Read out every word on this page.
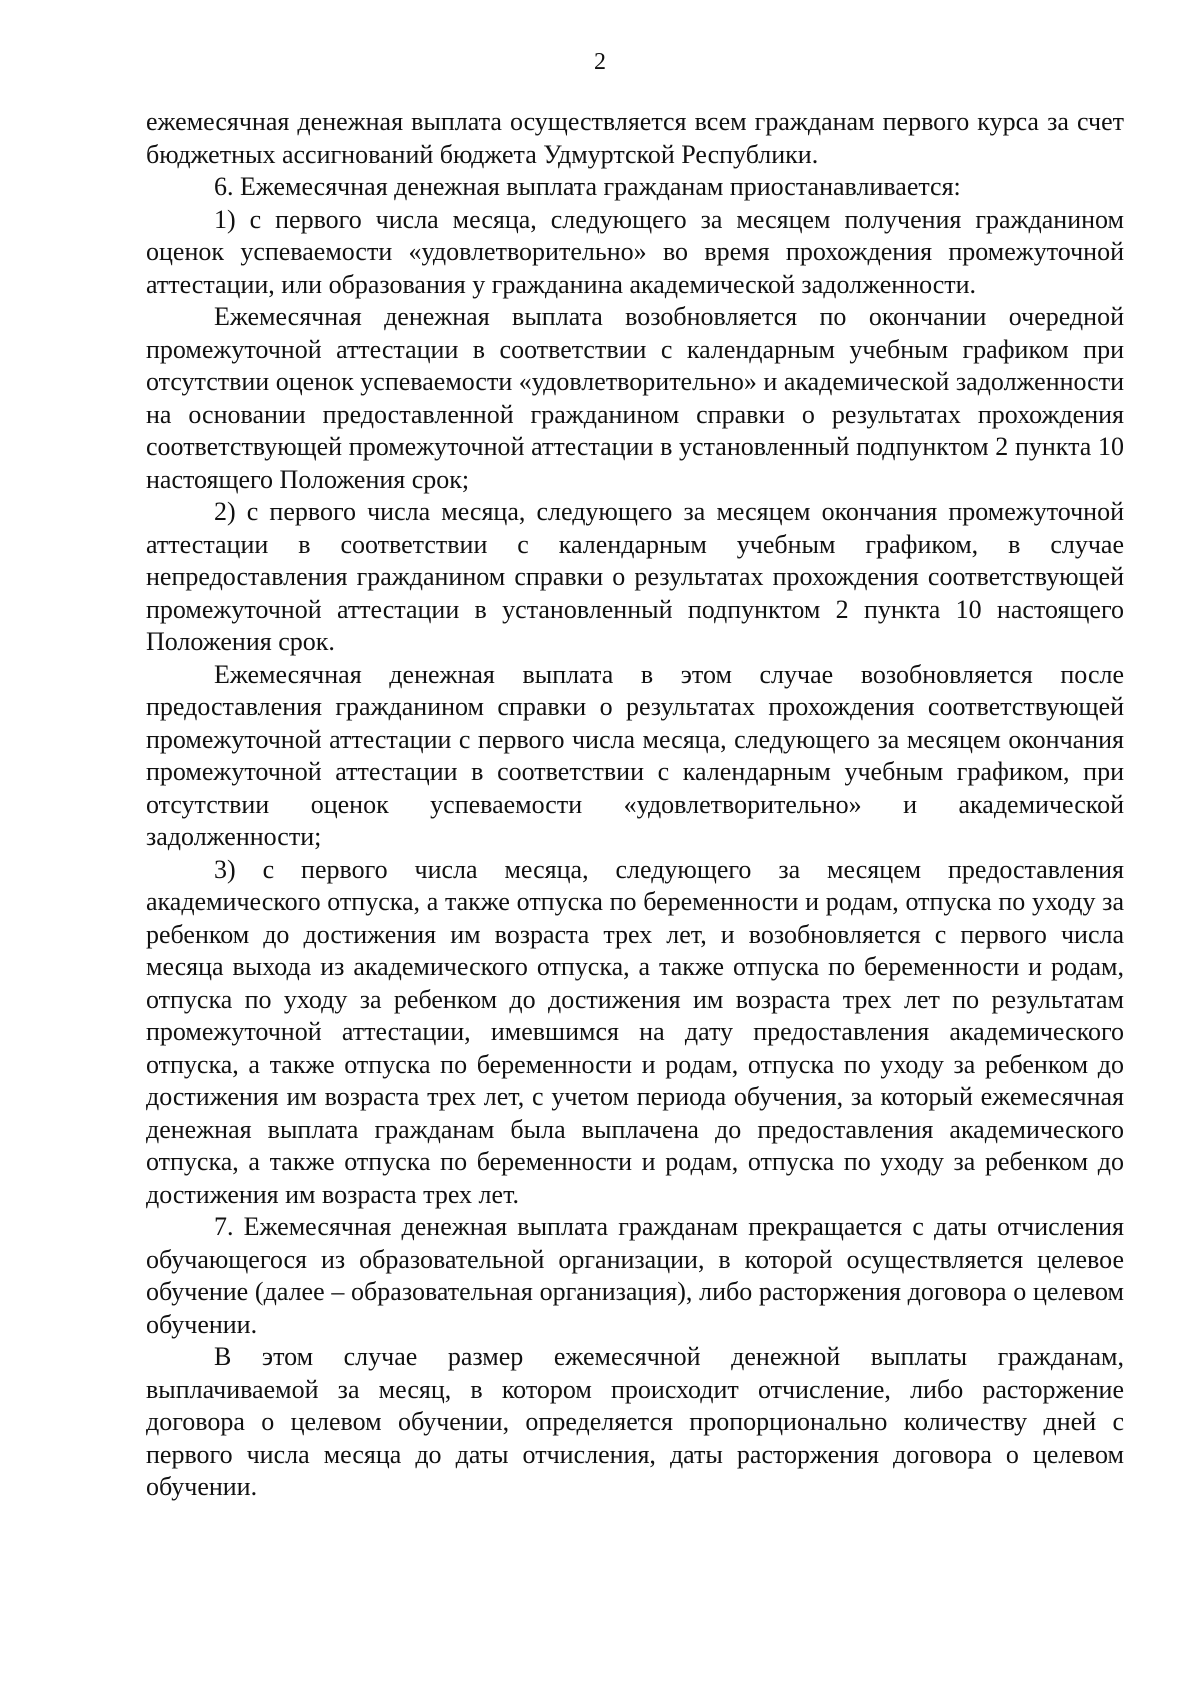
2

ежемесячная денежная выплата осуществляется всем гражданам первого курса за счет бюджетных ассигнований бюджета Удмуртской Республики.

6. Ежемесячная денежная выплата гражданам приостанавливается:

1) с первого числа месяца, следующего за месяцем получения гражданином оценок успеваемости «удовлетворительно» во время прохождения промежуточной аттестации, или образования у гражданина академической задолженности.

Ежемесячная денежная выплата возобновляется по окончании очередной промежуточной аттестации в соответствии с календарным учебным графиком при отсутствии оценок успеваемости «удовлетворительно» и академической задолженности на основании предоставленной гражданином справки о результатах прохождения соответствующей промежуточной аттестации в установленный подпунктом 2 пункта 10 настоящего Положения срок;

2) с первого числа месяца, следующего за месяцем окончания промежуточной аттестации в соответствии с календарным учебным графиком, в случае непредоставления гражданином справки о результатах прохождения соответствующей промежуточной аттестации в установленный подпунктом 2 пункта 10 настоящего Положения срок.

Ежемесячная денежная выплата в этом случае возобновляется после предоставления гражданином справки о результатах прохождения соответствующей промежуточной аттестации с первого числа месяца, следующего за месяцем окончания промежуточной аттестации в соответствии с календарным учебным графиком, при отсутствии оценок успеваемости «удовлетворительно» и академической задолженности;

3) с первого числа месяца, следующего за месяцем предоставления академического отпуска, а также отпуска по беременности и родам, отпуска по уходу за ребенком до достижения им возраста трех лет, и возобновляется с первого числа месяца выхода из академического отпуска, а также отпуска по беременности и родам, отпуска по уходу за ребенком до достижения им возраста трех лет по результатам промежуточной аттестации, имевшимся на дату предоставления академического отпуска, а также отпуска по беременности и родам, отпуска по уходу за ребенком до достижения им возраста трех лет, с учетом периода обучения, за который ежемесячная денежная выплата гражданам была выплачена до предоставления академического отпуска, а также отпуска по беременности и родам, отпуска по уходу за ребенком до достижения им возраста трех лет.

7. Ежемесячная денежная выплата гражданам прекращается с даты отчисления обучающегося из образовательной организации, в которой осуществляется целевое обучение (далее – образовательная организация), либо расторжения договора о целевом обучении.

В этом случае размер ежемесячной денежной выплаты гражданам, выплачиваемой за месяц, в котором происходит отчисление, либо расторжение договора о целевом обучении, определяется пропорционально количеству дней с первого числа месяца до даты отчисления, даты расторжения договора о целевом обучении.
